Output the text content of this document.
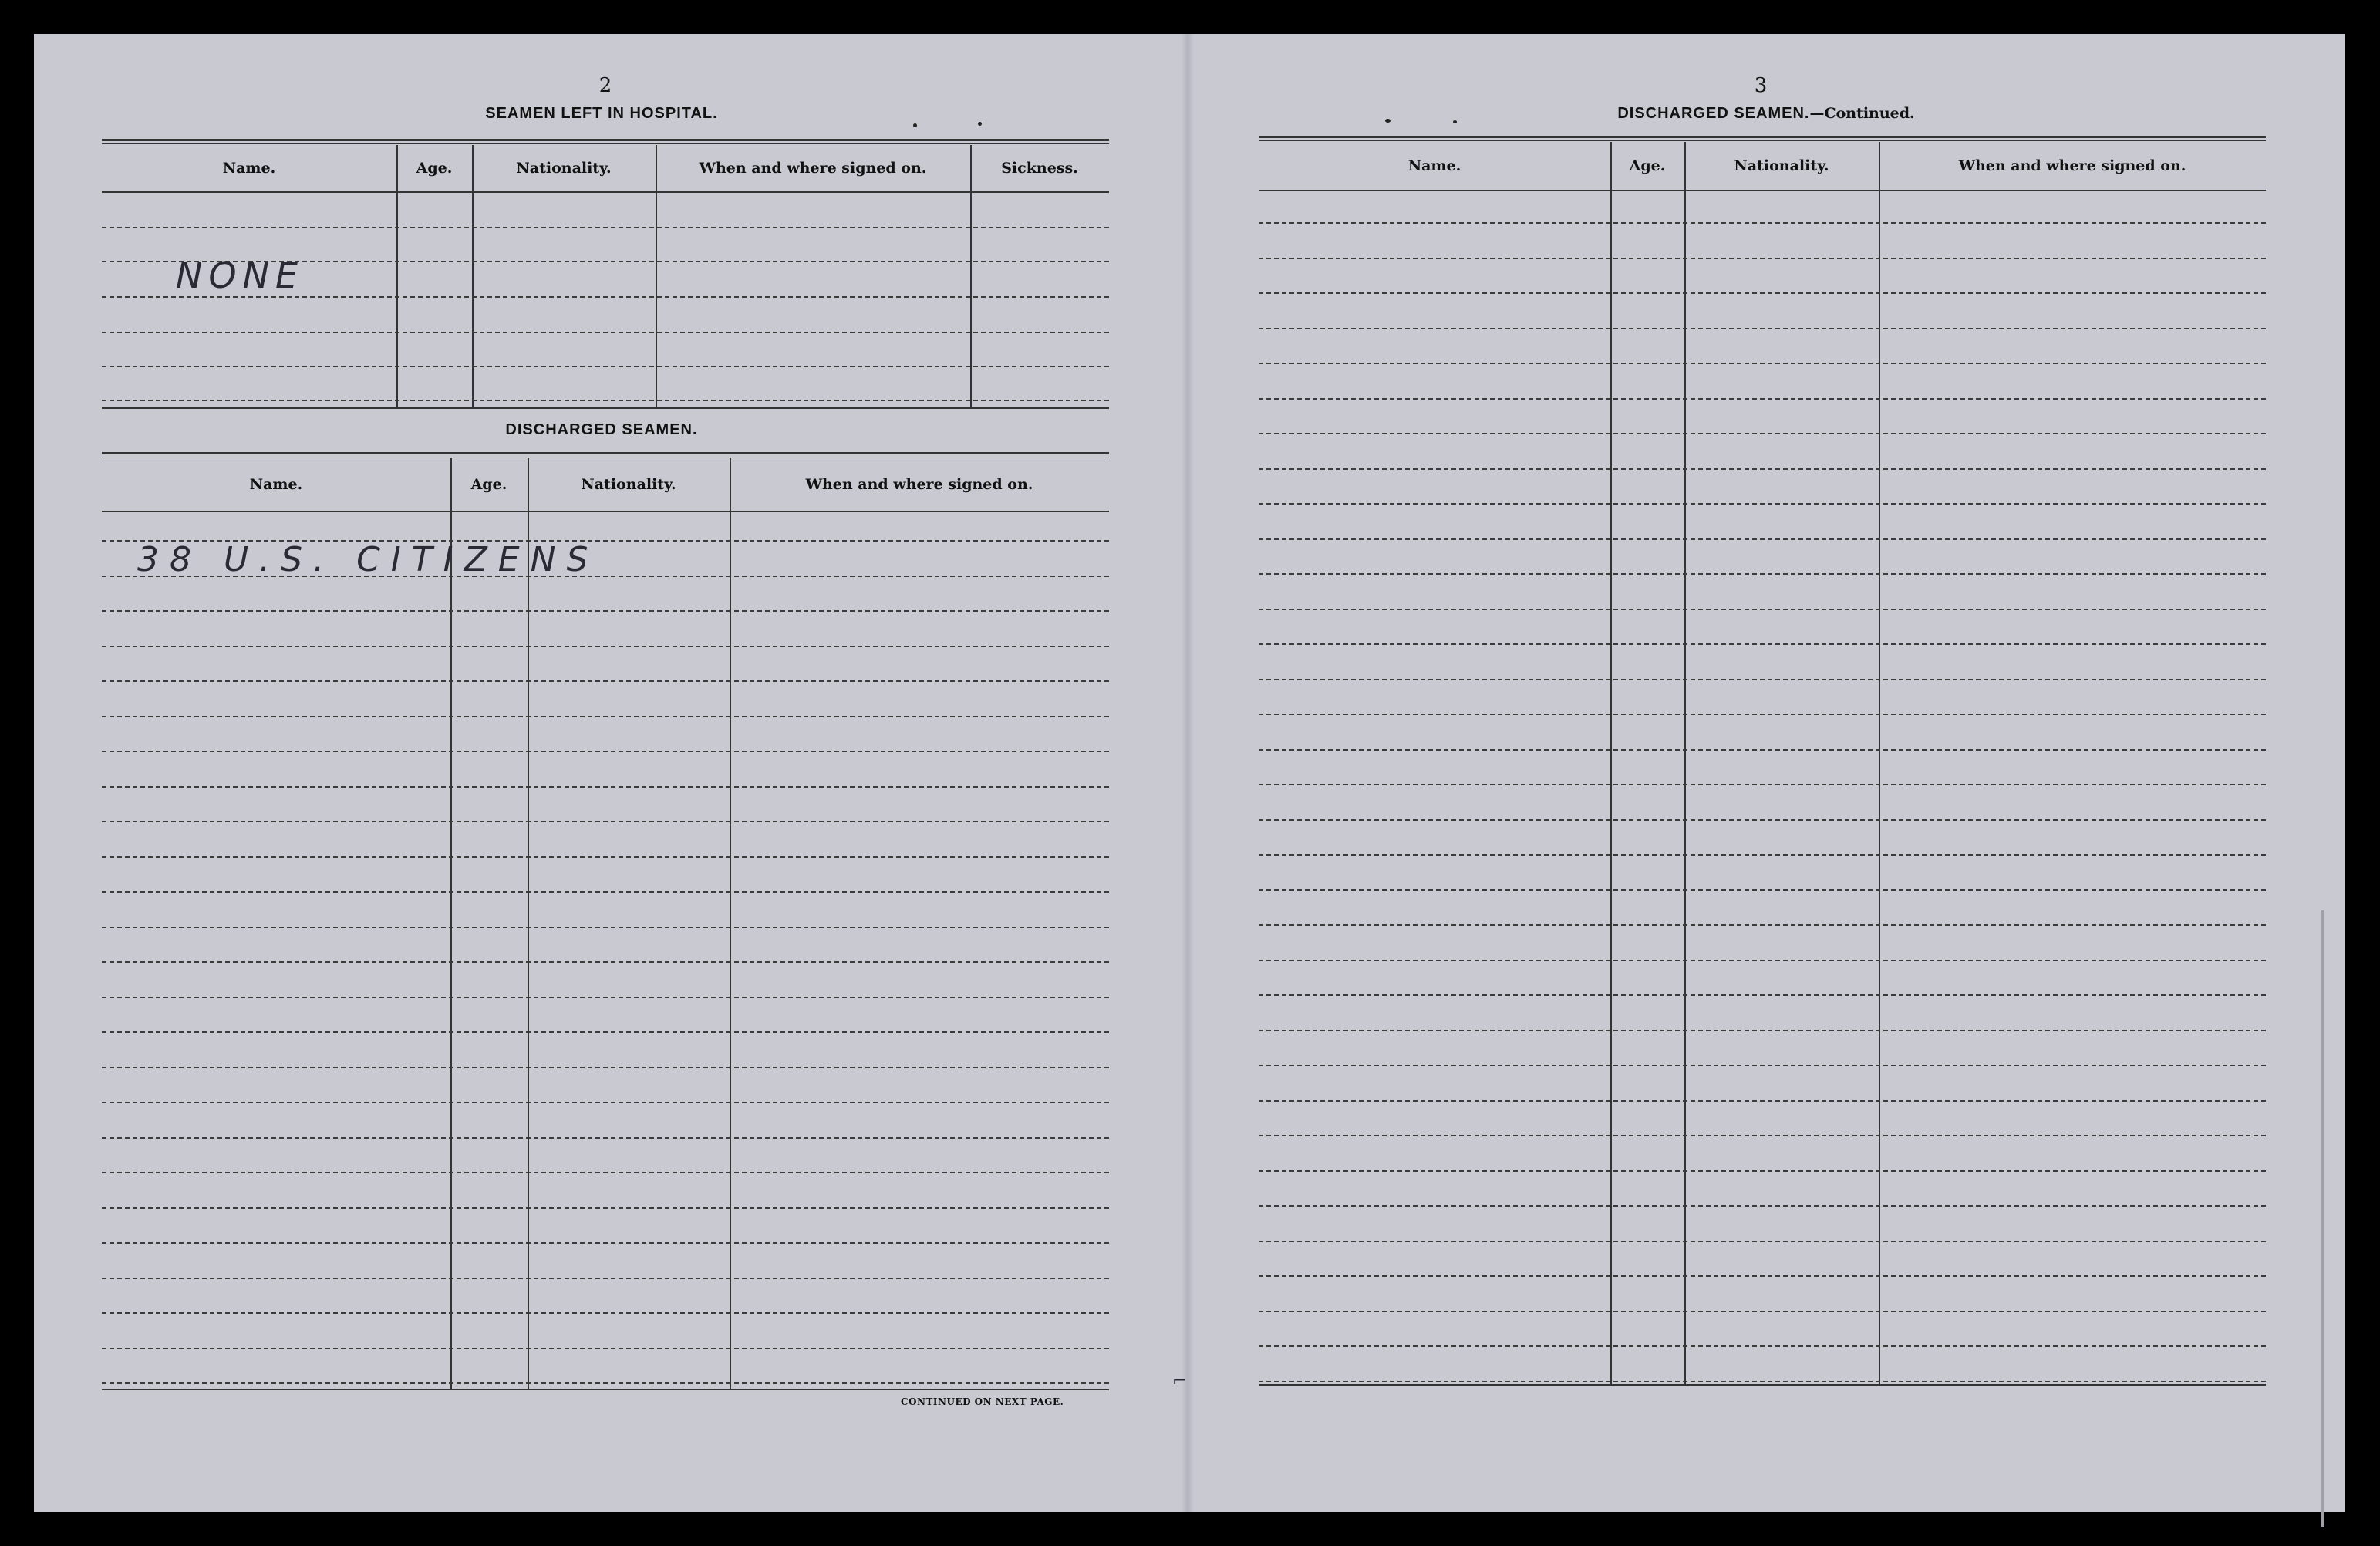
2
SEAMEN LEFT IN HOSPITAL.
Name.	Age.	Nationality.	When and where signed on.	Sickness.
NONE
DISCHARGED SEAMEN.
Name.	Age.	Nationality.	When and where signed on.
38 U.S. CITIZENS
CONTINUED ON NEXT PAGE.
⌐
3
DISCHARGED SEAMEN.—Continued.
Name.	Age.	Nationality.	When and where signed on.
